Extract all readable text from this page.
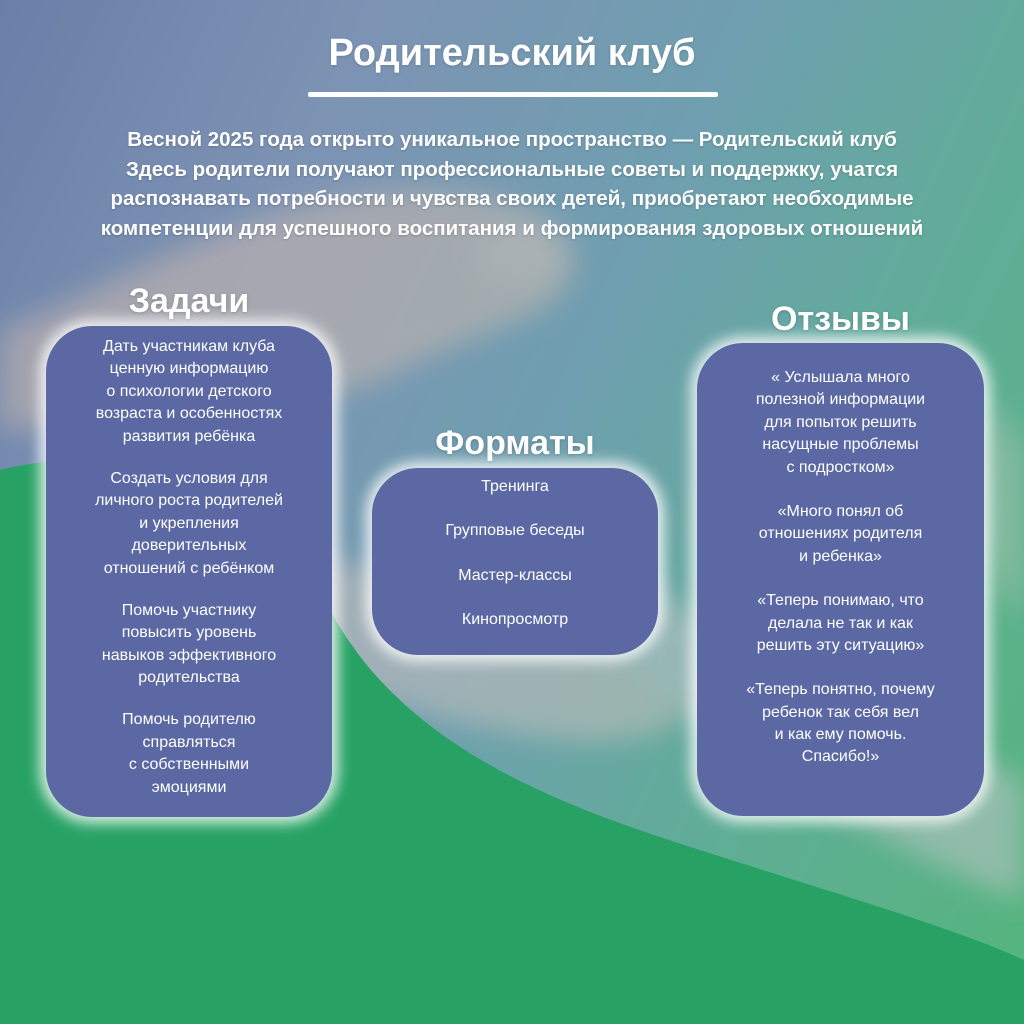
Родительский клуб
Весной 2025 года открыто уникальное пространство — Родительский клуб
Здесь родители получают профессиональные советы и поддержку, учатся
распознавать потребности и чувства своих детей, приобретают необходимые
компетенции для успешного воспитания и формирования здоровых отношений
Задачи
Дать участникам клуба
ценную информацию
о психологии детского
возраста и особенностях
развития ребёнка
Создать условия для
личного роста родителей
и укрепления
доверительных
отношений с ребёнком
Помочь участнику
повысить уровень
навыков эффективного
родительства
Помочь родителю
справляться
с собственными
эмоциями
Форматы
Тренинга
Групповые беседы
Мастер-классы
Кинопросмотр
Отзывы
« Услышала много
полезной информации
для попыток решить
насущные проблемы
с подростком»
«Много понял об
отношениях родителя
и ребенка»
«Теперь понимаю, что
делала не так и как
решить эту ситуацию»
«Теперь понятно, почему
ребенок так себя вел
и как ему помочь.
Спасибо!»
